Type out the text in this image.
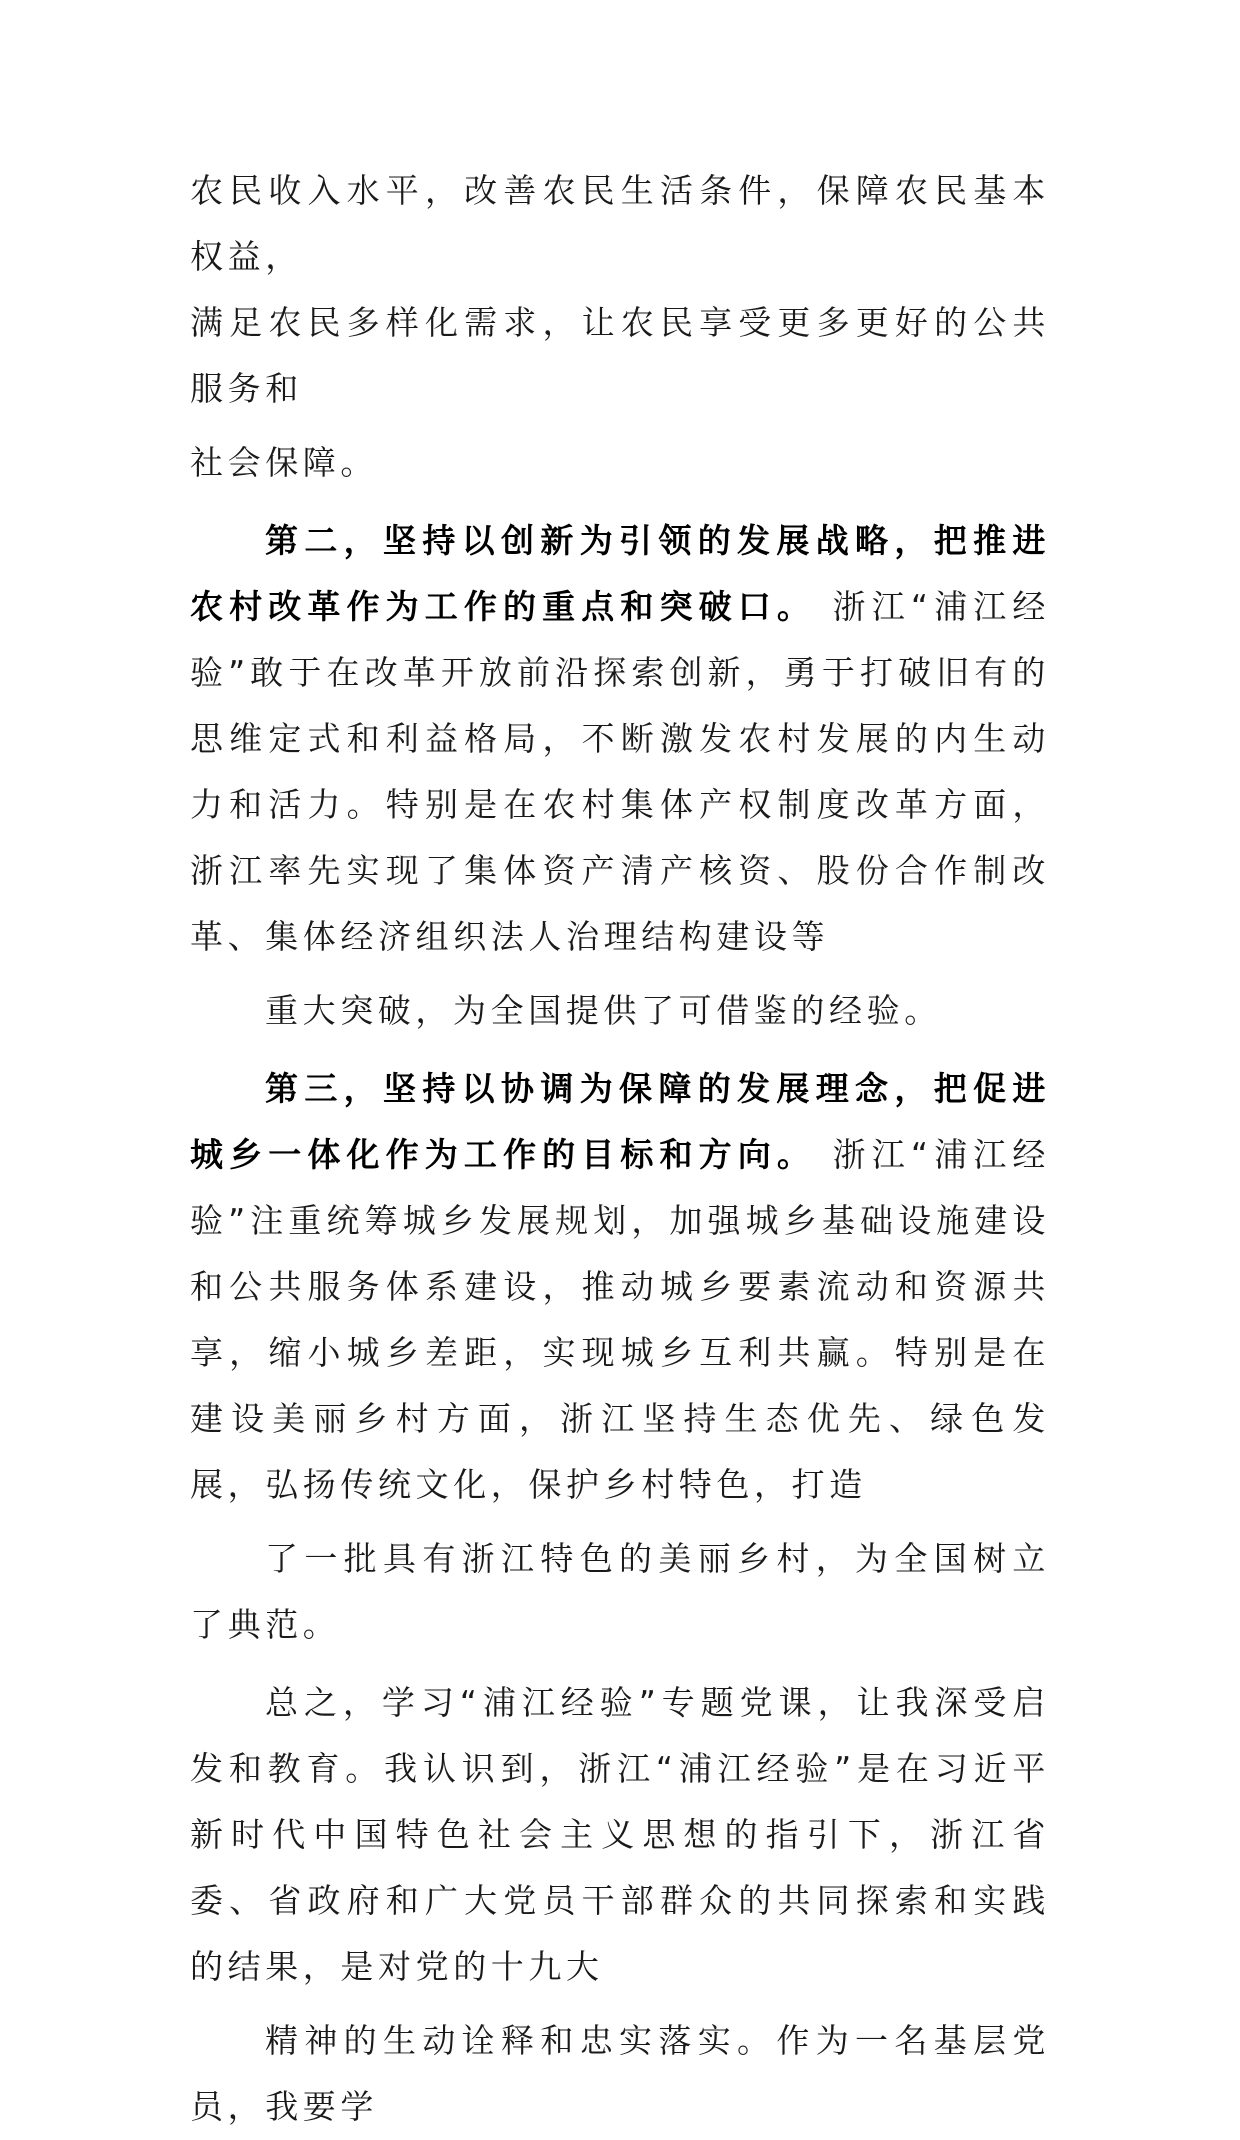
农民收入水平，改善农民生活条件，保障农民基本权益，
满足农民多样化需求，让农民享受更多更好的公共服务和
社会保障。

第二，坚持以创新为引领的发展战略，把推进农村改革作为工作的重点和突破口。 浙江“浦江经验”敢于在改革开放前沿探索创新，勇于打破旧有的思维定式和利益格局，不断激发农村发展的内生动力和活力。特别是在农村集体产权制度改革方面，浙江率先实现了集体资产清产核资、股份合作制改革、集体经济组织法人治理结构建设等
重大突破，为全国提供了可借鉴的经验。

第三，坚持以协调为保障的发展理念，把促进城乡一体化作为工作的目标和方向。 浙江“浦江经验”注重统筹城乡发展规划，加强城乡基础设施建设和公共服务体系建设，推动城乡要素流动和资源共享，缩小城乡差距，实现城乡互利共赢。特别是在建设美丽乡村方面，浙江坚持生态优先、绿色发展，弘扬传统文化，保护乡村特色，打造
了一批具有浙江特色的美丽乡村，为全国树立了典范。

总之，学习“浦江经验”专题党课，让我深受启发和教育。我认识到，浙江“浦江经验”是在习近平新时代中国特色社会主义思想的指引下，浙江省委、省政府和广大党员干部群众的共同探索和实践的结果，是对党的十九大
精神的生动诠释和忠实落实。作为一名基层党员，我要学
